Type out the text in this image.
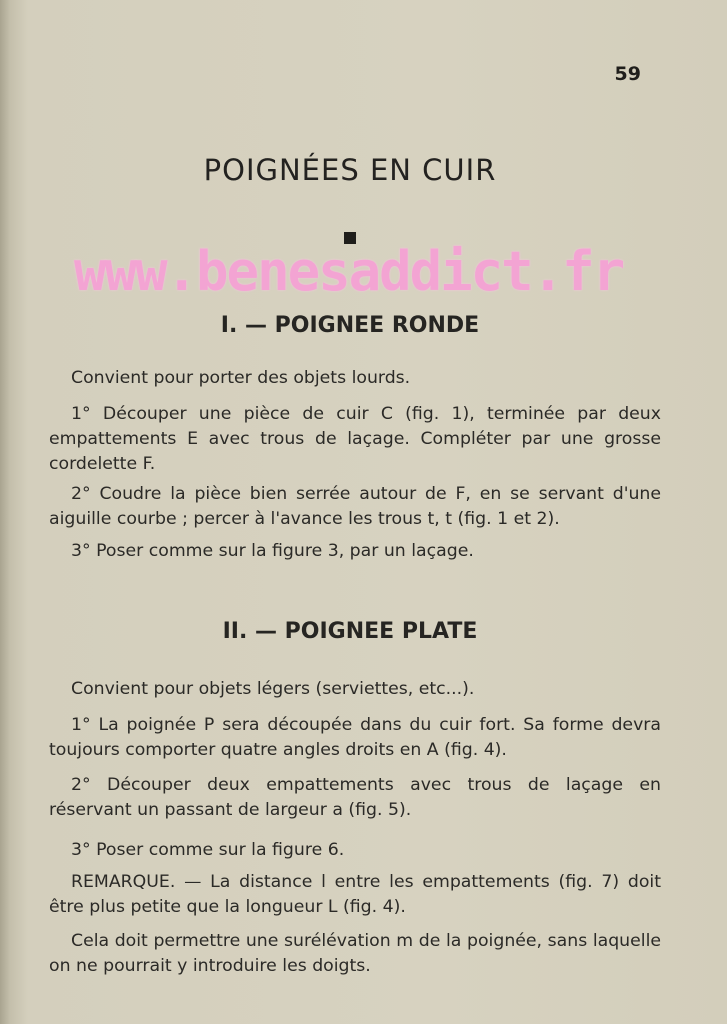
59
POIGNÉES EN CUIR
www.benesaddict.fr
I. — POIGNEE RONDE
Convient pour porter des objets lourds.
1° Découper une pièce de cuir C (fig. 1), terminée par deux empattements E avec trous de laçage. Compléter par une grosse cordelette F.
2° Coudre la pièce bien serrée autour de F, en se servant d'une aiguille courbe ; percer à l'avance les trous t, t (fig. 1 et 2).
3° Poser comme sur la figure 3, par un laçage.
II. — POIGNEE PLATE
Convient pour objets légers (serviettes, etc...).
1° La poignée P sera découpée dans du cuir fort. Sa forme devra toujours comporter quatre angles droits en A (fig. 4).
2° Découper deux empattements avec trous de laçage en réservant un passant de largeur a (fig. 5).
3° Poser comme sur la figure 6.
REMARQUE. — La distance l entre les empattements (fig. 7) doit être plus petite que la longueur L (fig. 4).
Cela doit permettre une surélévation m de la poignée, sans laquelle on ne pourrait y introduire les doigts.
